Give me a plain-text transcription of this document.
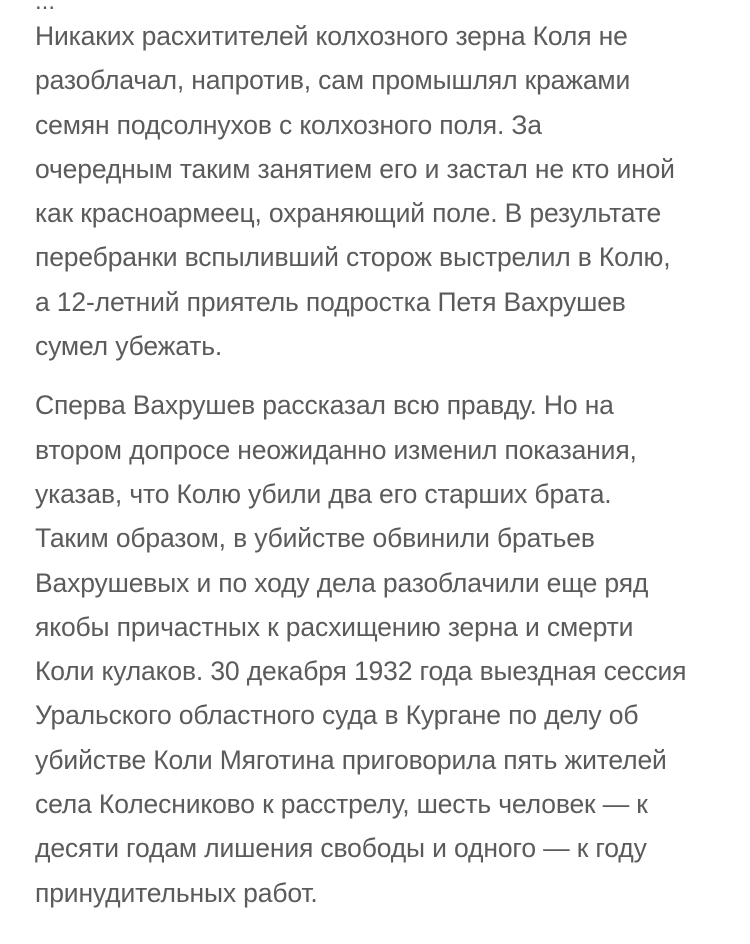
...

Никаких расхитителей колхозного зерна Коля не
разоблачал, напротив, сам промышлял кражами
семян подсолнухов с колхозного поля. За
очередным таким занятием его и застал не кто иной
как красноармеец, охраняющий поле. В результате
перебранки вспыливший сторож выстрелил в Колю,
а 12-летний приятель подростка Петя Вахрушев
сумел убежать.

Сперва Вахрушев рассказал всю правду. Но на
втором допросе неожиданно изменил показания,
указав, что Колю убили два его старших брата.
Таким образом, в убийстве обвинили братьев
Вахрушевых и по ходу дела разоблачили еще ряд
якобы причастных к расхищению зерна и смерти
Коли кулаков. 30 декабря 1932 года выездная сессия
Уральского областного суда в Кургане по делу об
убийстве Коли Мяготина приговорила пять жителей
села Колесниково к расстрелу, шесть человек — к
десяти годам лишения свободы и одного — к году
принудительных работ.
